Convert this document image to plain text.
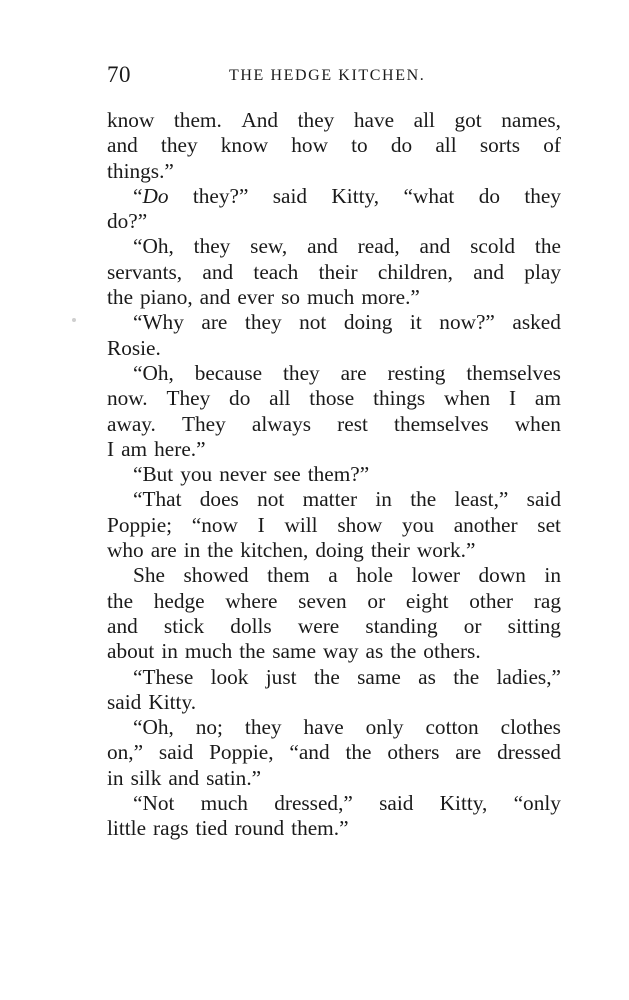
70	THE HEDGE KITCHEN.
know them. And they have all got names,
and they know how to do all sorts of
things.”
“Do they?” said Kitty, “what do they
do?”
“Oh, they sew, and read, and scold the
servants, and teach their children, and play
the piano, and ever so much more.”
“Why are they not doing it now?” asked
Rosie.
“Oh, because they are resting themselves
now. They do all those things when I am
away. They always rest themselves when
I am here.”
“But you never see them?”
“That does not matter in the least,” said
Poppie; “now I will show you another set
who are in the kitchen, doing their work.”
She showed them a hole lower down in
the hedge where seven or eight other rag
and stick dolls were standing or sitting
about in much the same way as the others.
“These look just the same as the ladies,”
said Kitty.
“Oh, no; they have only cotton clothes
on,” said Poppie, “and the others are dressed
in silk and satin.”
“Not much dressed,” said Kitty, “only
little rags tied round them.”
